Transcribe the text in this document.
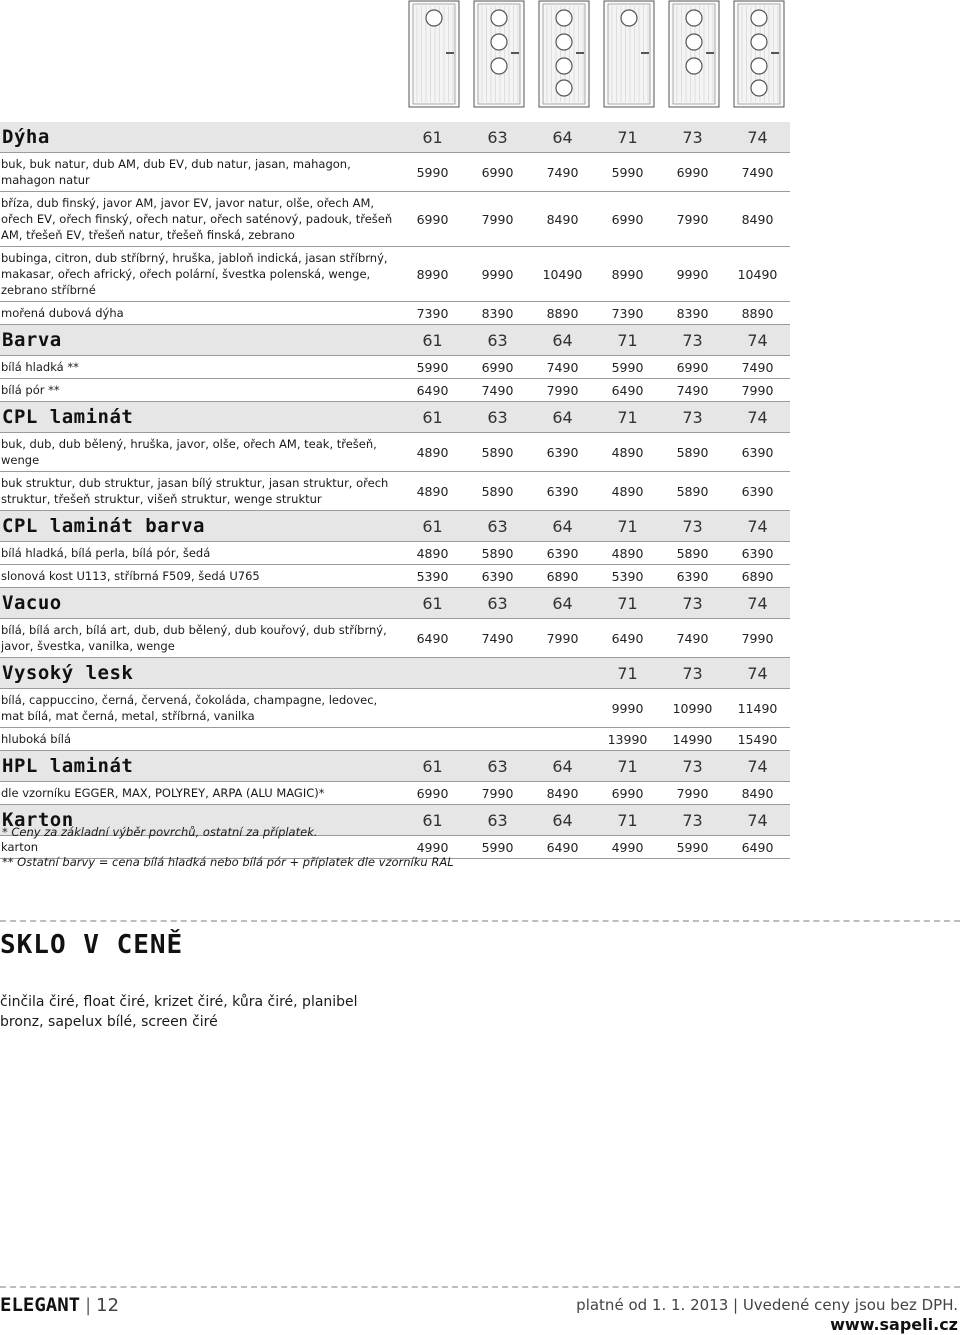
Dýha	61	63	64	71	73	74
buk, buk natur, dub AM, dub EV, dub natur, jasan, mahagon, mahagon natur
5990	6990	7490	5990	6990	7490
bříza, dub finský, javor AM, javor EV, javor natur, olše, ořech AM, ořech EV, ořech finský, ořech natur, ořech saténový, padouk, třešeň AM, třešeň EV, třešeň natur, třešeň finská, zebrano
6990	7990	8490	6990	7990	8490
bubinga, citron, dub stříbrný, hruška, jabloň indická, jasan stříbrný, makasar, ořech africký, ořech polární, švestka polenská, wenge, zebrano stříbrné
8990	9990	10490	8990	9990	10490
mořená dubová dýha	7390	8390	8890	7390	8390	8890
Barva	61	63	64	71	73	74
bílá hladká **	5990	6990	7490	5990	6990	7490
bílá pór **	6490	7490	7990	6490	7490	7990
CPL laminát	61	63	64	71	73	74
buk, dub, dub bělený, hruška, javor, olše, ořech AM, teak, třešeň, wenge
4890	5890	6390	4890	5890	6390
buk struktur, dub struktur, jasan bílý struktur, jasan struktur, ořech struktur, třešeň struktur, višeň struktur, wenge struktur
4890	5890	6390	4890	5890	6390
CPL laminát barva	61	63	64	71	73	74
bílá hladká, bílá perla, bílá pór, šedá	4890	5890	6390	4890	5890	6390
slonová kost U113, stříbrná F509, šedá U765	5390	6390	6890	5390	6390	6890
Vacuo	61	63	64	71	73	74
bílá, bílá arch, bílá art, dub, dub bělený, dub kouřový, dub stříbrný, javor, švestka, vanilka, wenge
6490	7490	7990	6490	7490	7990
Vysoký lesk	71	73	74
bílá, cappuccino, černá, červená, čokoláda, champagne, ledovec, mat bílá, mat černá, metal, stříbrná, vanilka
9990	10990	11490
hluboká bílá	13990	14990	15490
HPL laminát	61	63	64	71	73	74
dle vzorníku EGGER, MAX, POLYREY, ARPA (ALU MAGIC)*	6990	7990	8490	6990	7990	8490
Karton	61	63	64	71	73	74
karton	4990	5990	6490	4990	5990	6490
* Ceny za základní výběr povrchů, ostatní za příplatek.
** Ostatní barvy = cena bílá hladká nebo bílá pór + příplatek dle vzorníku RAL
SKLO V CENĚ
činčila čiré, float čiré, krizet čiré, kůra čiré, planibel bronz, sapelux bílé, screen čiré
ELEGANT | 12	platné od 1. 1. 2013 | Uvedené ceny jsou bez DPH.
www.sapeli.cz
